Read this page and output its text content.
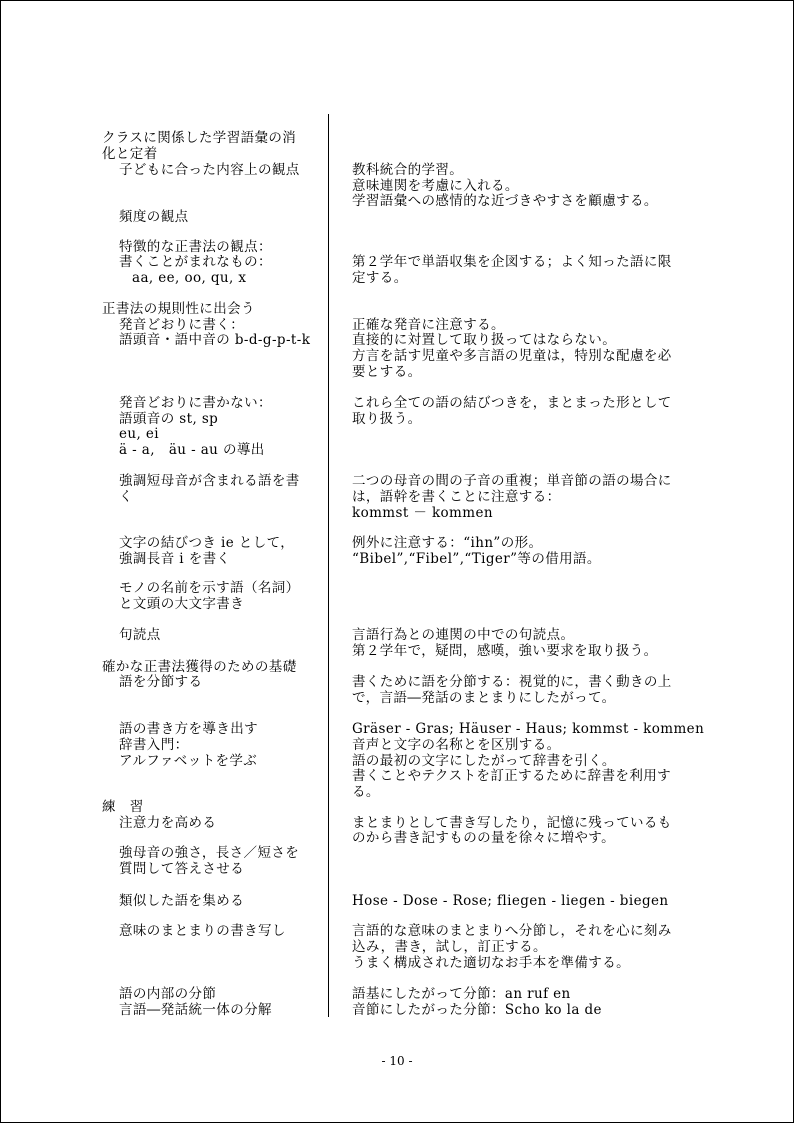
クラスに関係した学習語彙の消

化と定着

子どもに合った内容上の観点

頻度の観点

特徴的な正書法の観点：

書くことがまれなもの：

aa, ee, oo, qu, x

正書法の規則性に出会う

発音どおりに書く：

語頭音・語中音の b-d-g-p-t-k

発音どおりに書かない：

語頭音の st, sp

eu, ei

ä - a,　äu - au の導出

強調短母音が含まれる語を書

く

文字の結びつき ie として，

強調長音 i を書く

モノの名前を示す語（名詞）

と文頭の大文字書き

句読点

確かな正書法獲得のための基礎

語を分節する

語の書き方を導き出す

辞書入門：

アルファベットを学ぶ

練　習

注意力を高める

強母音の強さ，長さ／短さを

質問して答えさせる

類似した語を集める

意味のまとまりの書き写し

語の内部の分節

言語―発話統一体の分解

教科統合的学習。

意味連関を考慮に入れる。

学習語彙への感情的な近づきやすさを顧慮する。

第２学年で単語収集を企図する；よく知った語に限

定する。

正確な発音に注意する。

直接的に対置して取り扱ってはならない。

方言を話す児童や多言語の児童は，特別な配慮を必

要とする。

これら全ての語の結びつきを，まとまった形として

取り扱う。

二つの母音の間の子音の重複；単音節の語の場合に

は，語幹を書くことに注意する：

kommst － kommen

例外に注意する：“ihn”の形。

“Bibel”,“Fibel”,“Tiger”等の借用語。

言語行為との連関の中での句読点。

第２学年で，疑問，感嘆，強い要求を取り扱う。

書くために語を分節する：視覚的に，書く動きの上

で，言語―発話のまとまりにしたがって。

Gräser - Gras; Häuser - Haus; kommst - kommen

音声と文字の名称とを区別する。

語の最初の文字にしたがって辞書を引く。

書くことやテクストを訂正するために辞書を利用す

る。

まとまりとして書き写したり，記憶に残っているも

のから書き記すものの量を徐々に増やす。

Hose - Dose - Rose; fliegen - liegen - biegen

言語的な意味のまとまりへ分節し，それを心に刻み

込み，書き，試し，訂正する。

うまく構成された適切なお手本を準備する。

語基にしたがって分節：an ruf en

音節にしたがった分節：Scho ko la de

- 10 -
